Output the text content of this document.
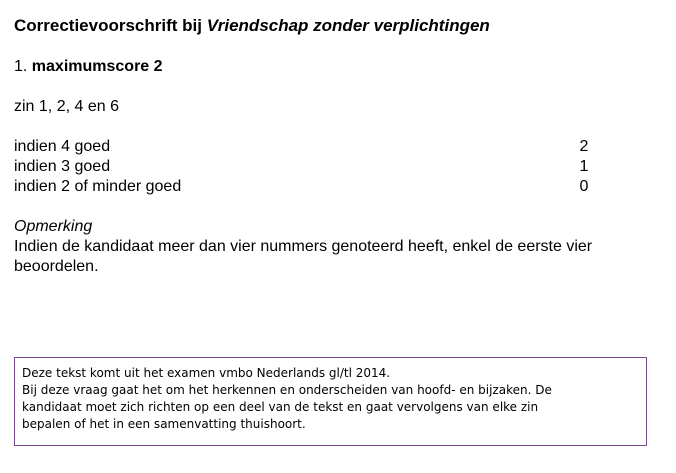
Correctievoorschrift bij Vriendschap zonder verplichtingen
1. maximumscore 2
zin 1, 2, 4 en 6
indien 4 goed	2
indien 3 goed	1
indien 2 of minder goed	0
Opmerking
Indien de kandidaat meer dan vier nummers genoteerd heeft, enkel de eerste vier beoordelen.
Deze tekst komt uit het examen vmbo Nederlands gl/tl 2014.
Bij deze vraag gaat het om het herkennen en onderscheiden van hoofd- en bijzaken. De
kandidaat moet zich richten op een deel van de tekst en gaat vervolgens van elke zin
bepalen of het in een samenvatting thuishoort.
